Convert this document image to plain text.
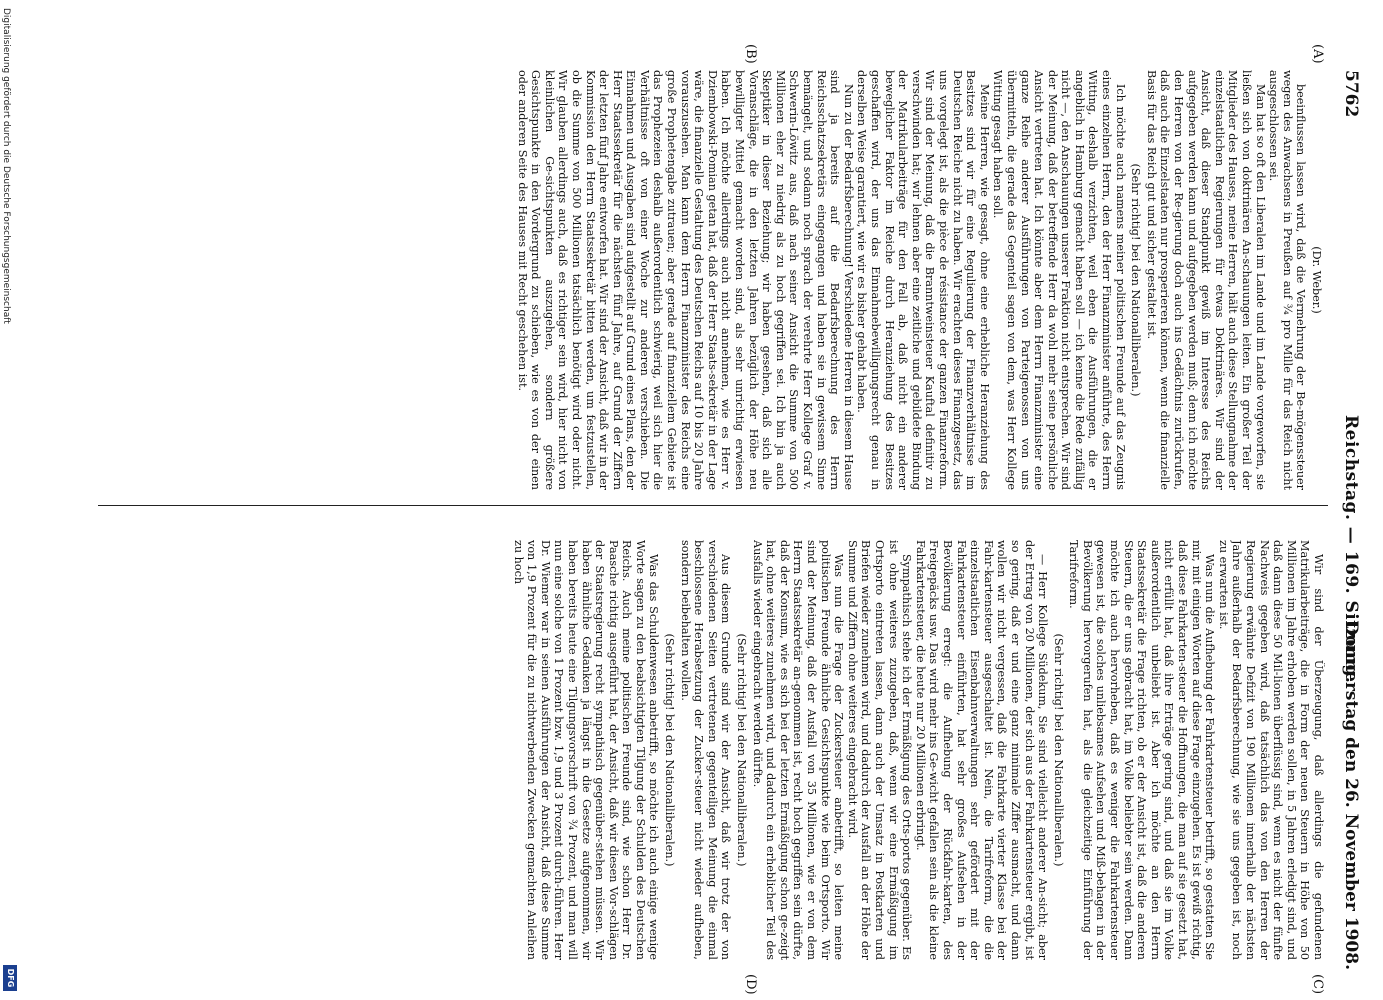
5762
Reichstag. — 169. Sitzung.
Donnerstag den 26. November 1908.
(A)
(B)
(C)
(D)

(Dr. Weber.)

beeinflussen lassen wird, daß die Vermehrung der Be-mögenssteuer wegen des Anwachsens in Preußen auf ¾ pro Mille für das Reich nicht ausgeschlossen sei.

Man hat so oft den Liberalen im Lande und im Lande vorgeworfen, sie ließen sich von doktrinären An-schauungen leiten. Ein großer Teil der Mitglieder des Hauses, meine Herren, hält auch diese Stellungnahme der einzelstaatlichen Regierungen für etwas Doktrinäres. Wir sind der Ansicht, daß dieser Standpunkt gewiß im Interesse des Reichs aufgegeben werden kann und aufgegeben werden muß; denn ich möchte den Herren von der Re-gierung doch auch ins Gedächtnis zurückrufen, daß auch die Einzelstaaten nur prosperieren können, wenn die finanzielle Basis für das Reich gut und sicher gestaltet ist.

(Sehr richtig! bei den Nationalliberalen.)

Ich möchte auch namens meiner politischen Freunde auf das Zeugnis eines einzelnen Herrn, den der Herr Finanzminister anführte, des Herrn Witting, deshalb verzichten, weil eben die Ausführungen, die er angeblich in Hamburg gemacht haben soll — ich kenne die Rede zufällig nicht —, den Anschauungen unserer Fraktion nicht entsprechen. Wir sind der Meinung, daß der betreffende Herr da wohl mehr seine persönliche Ansicht vertreten hat. Ich könnte aber dem Herrn Finanzminister eine ganze Reihe anderer Ausführungen von Parteigenossen von uns übermitteln, die gerade das Gegenteil sagen von dem, was Herr Kollege Witting gesagt haben soll.

Meine Herren, wie gesagt, ohne eine erhebliche Heranziehung des Besitzes sind wir für eine Regulierung der Finanzverhältnisse im Deutschen Reiche nicht zu haben. Wir erachten dieses Finanzgesetz, das uns vorgelegt ist, als die pièce de résistance der ganzen Finanzreform. Wir sind der Meinung, daß die Branntweinsteuer Kauftal definitiv zu verschwinden hat; wir lehnen aber eine zeitliche und gebildete Bindung der Matrikularbeiträge für den Fall ab, daß nicht ein anderer beweglicher Faktor im Reiche durch Heranziehung des Besitzes geschaffen wird, der uns das Einnahmebewilligungsrecht genau in derselben Weise garantiert, wie wir es bisher gehabt haben.

Nun zu der Bedarfsberechnung! Verschiedene Herren in diesem Hause sind ja bereits auf die Bedarfsberechnung des Herrn Reichsschatzsekretärs eingegangen und haben sie in gewissem Sinne bemängelt, und sodann noch sprach der verehrte Herr Kollege Graf v. Schwerin-Löwitz aus, daß nach seiner Ansicht die Summe von 500 Millionen eher zu niedrig als zu hoch gegriffen sei. Ich bin ja auch Skeptiker in dieser Beziehung; wir haben gesehen, daß sich alle Voranschläge, die in den letzten Jahren bezüglich der Höhe neu bewilligter Mittel gemacht worden sind, als sehr unrichtig erwiesen haben. Ich möchte allerdings auch nicht annehmen, wie es Herr v. Dziembowski-Pomian getan hat, daß der Herr Staats-sekretär in der Lage wäre, die finanzielle Gestaltung des Deutschen Reichs auf 10 bis 20 Jahre vorauszusehen. Man kann dem Herrn Finanzminister des Reichs eine große Prophetengabe zutrauen; aber gerade auf finanziellem Gebiete ist das Prophezeien deshalb außerordentlich schwierig, weil sich hier die Verhältnisse oft von einer Woche zur anderen verschieben. Die Einnahmen und Ausgaben sind aufgestellt auf Grund eines Plans, den der Herr Staatssekretär für die nächsten fünf Jahre, auf Grund der Ziffern der letzten fünf Jahre entworfen hat. Wir sind der Ansicht, daß wir in der Kommission den Herrn Staatssekretär bitten werden, um festzustellen, ob die Summe von 500 Millionen tatsächlich benötigt wird oder nicht. Wir glauben allerdings auch, daß es richtiger sein wird, hier nicht von kleinlichen Ge-sichtspunkten auszugehen, sondern größere Gesichtspunkte in den Vordergrund zu schieben, wie es von der einen oder anderen Seite des Hauses mit Recht geschehen ist.

Wir sind der Überzeugung, daß allerdings die gefundenen Matrikularbeiträge, die in Form der neuen Steuern in Höhe von 50 Millionen im Jahre erhoben werden sollen, in 5 Jahren erledigt sind, und daß dann diese 50 Mil-lionen überflüssig sind, wenn es nicht der fünfte Nachweis gegeben wird, daß tatsächlich das von den Herren der Regierung erwähnte Defizit von 190 Millionen innerhalb der nächsten Jahre außerhalb der Bedarfsberechnung, wie sie uns gegeben ist, noch zu erwarten ist.

Was nun die Aufhebung der Fahrkartensteuer betrifft, so gestatten Sie mir, mit einigen Worten auf diese Frage einzugehen. Es ist gewiß richtig, daß diese Fahrkarten-steuer die Hoffnungen, die man auf sie gesetzt hat, nicht erfüllt hat, daß ihre Erträge gering sind, und daß sie im Volke außerordentlich unbeliebt ist. Aber ich möchte an den Herrn Staatssekretär die Frage richten, ob er der Ansicht ist, daß die anderen Steuern, die er uns gebracht hat, im Volke beliebter sein werden. Dann möchte ich auch hervorheben, daß es weniger die Fahrkartensteuer gewesen ist, die solches unliebsames Aufsehen und Miß-behagen in der Bevölkerung hervorgerufen hat, als die gleichzeitige Einführung der Tarifreform.

(Sehr richtig! bei den Nationalliberalen.)

— Herr Kollege Südekum, Sie sind vielleicht anderer An-sicht; aber der Ertrag von 20 Millionen, der sich aus der Fahrkartensteuer ergibt, ist so gering, daß er und eine ganz minimale Ziffer ausmacht, und dann wollen wir nicht vergessen, daß die Fahrkarte vierter Klasse bei der Fahr-kartensteuer ausgeschaltet ist. Nein, die Tarifreform, die die einzelstaatlichen Eisenbahnverwaltungen sehr gefördert mit der Fahrkartensteuer einführten, hat sehr großes Aufsehen in der Bevölkerung erregt: die Aufhebung der Rückfahr-karten, des Freigepäcks usw. Das wird mehr ins Ge-wicht gefallen sein als die kleine Fahrkartensteuer, die heute nur 20 Millionen erbringt.

Sympathisch stehe ich der Ermäßigung des Orts-portos gegenüber. Es ist ohne weiteres zuzugeben, daß, wenn wir eine Ermäßigung im Ortsporto eintreten lassen, dann auch der Umsatz in Postkarten und Briefen wieder zunehmen wird, und dadurch der Ausfall an der Höhe der Summe und Ziffern ohne weiteres eingebracht wird.

Was nun die Frage der Zuckersteuer anbetrifft, so leiten meine politischen Freunde ähnliche Gesichtspunkte wie beim Ortsporto. Wir sind der Meinung, daß der Ausfall von 35 Millionen, wie er von dem Herrn Staatssekretär an-genommen ist, recht hoch gegriffen sein dürfte, daß der Konsum, wie es sich bei der letzten Ermäßigung schon ge-zeigt hat, ohne weiteres zunehmen wird, und dadurch ein erheblicher Teil des Ausfalls wieder eingebracht werden dürfte.

(Sehr richtig! bei den Nationalliberalen.)

Aus diesem Grunde sind wir der Ansicht, daß wir trotz der von verschiedenen Seiten vertretenen gegenteiligen Meinung die einmal beschlossene Herabsetzung der Zucker-steuer nicht wieder aufheben, sondern beibehalten wollen.

(Sehr richtig! bei den Nationalliberalen.)

Was das Schuldenwesen anbetrifft, so möchte ich auch einige wenige Worte sagen zu den beabsichtigten Tilgung der Schulden des Deutschen Reichs. Auch meine politischen Freunde sind, wie schon Herr Dr. Paasche richtig ausgeführt hat, der Ansicht, daß wir diesen Vor-schlägen der Staatsregierung recht sympathisch gegenüber-stehen müssen. Wir haben ähnliche Gedanken ja längst in die Gesetze aufgenommen, wir haben bereits heute eine Tilgungsvorschrift von ¾ Prozent, und man will nun eine solche von 1 Prozent bzw. 1,9 und 3 Prozent durch-führen. Herr Dr. Wiemer war in seinen Ausführungen der Ansicht, daß diese Summe von 1,9 Prozent für die zu nichtwerbenden Zwecken gemachten Anleihen zu hoch

Digitalisierung gefördert durch die Deutsche Forschungsgemeinschaft
DFG
